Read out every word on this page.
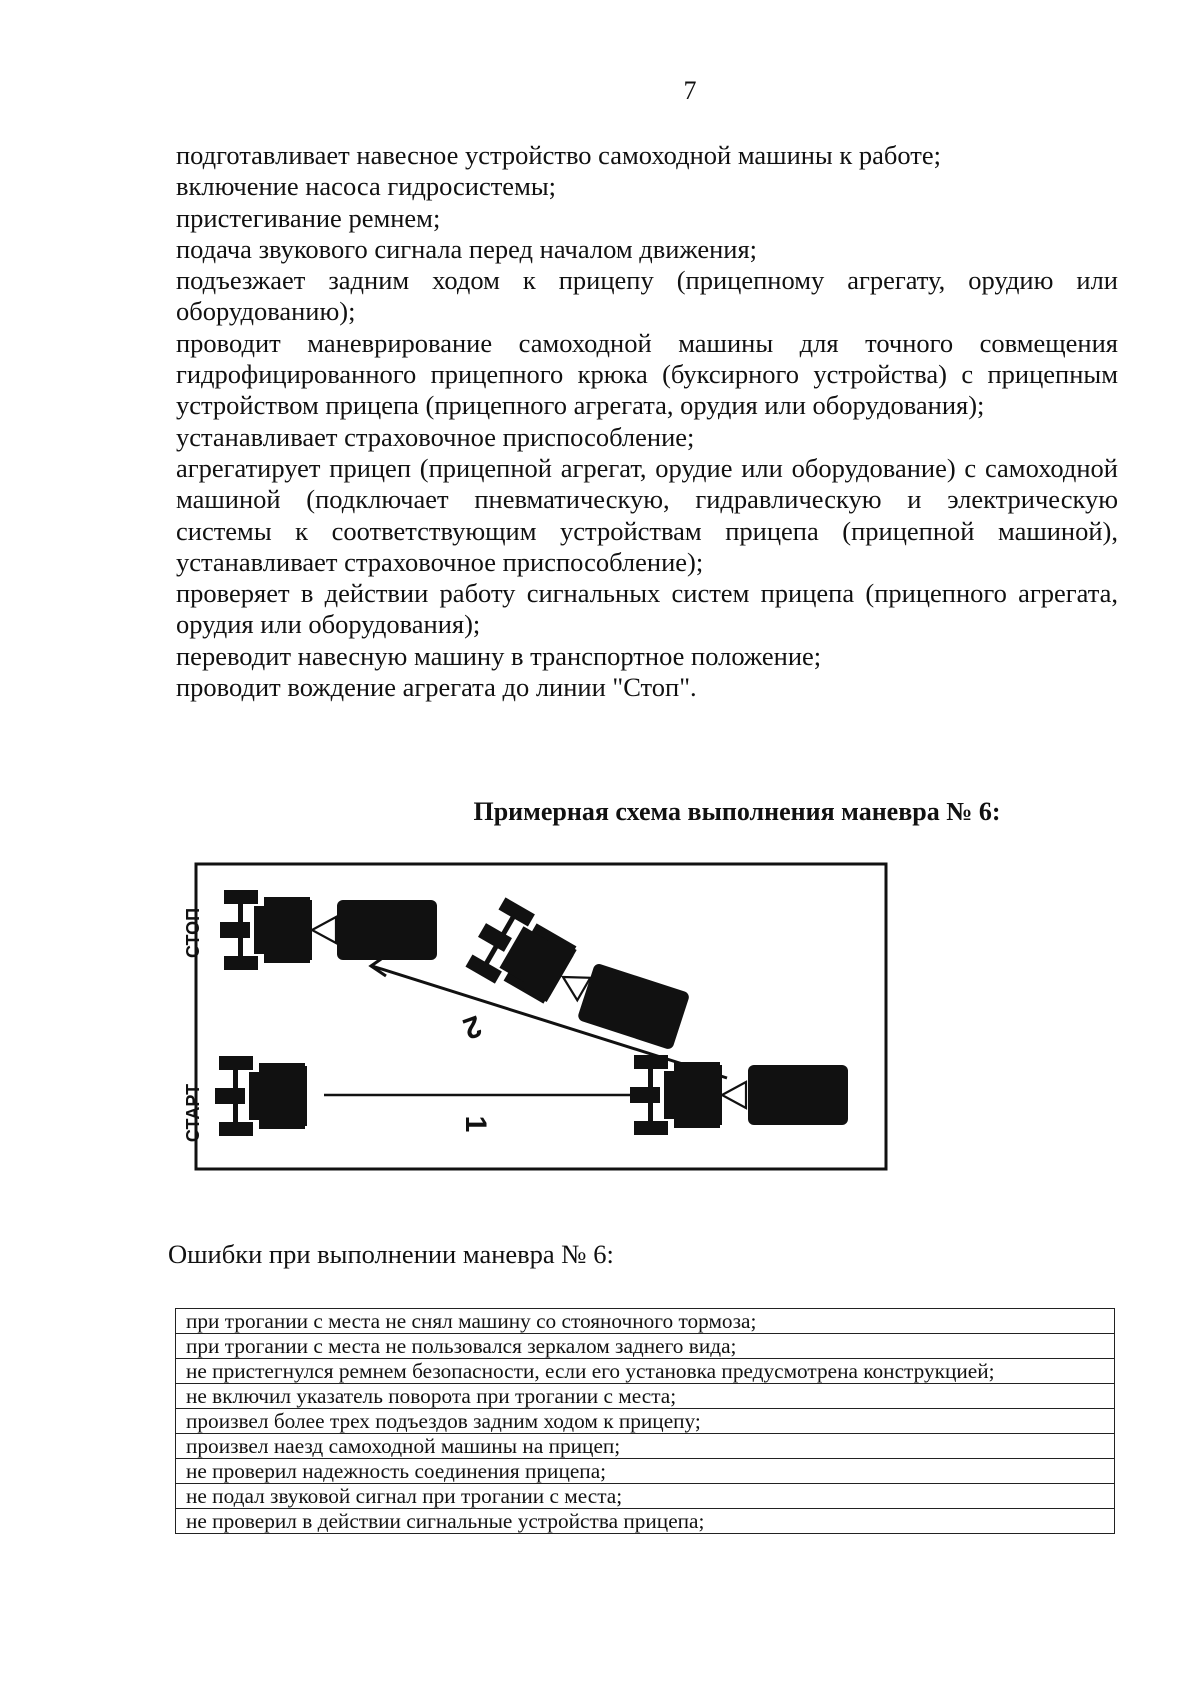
7

подготавливает навесное устройство самоходной машины к работе;

включение насоса гидросистемы;

пристегивание ремнем;

подача звукового сигнала перед началом движения;

подъезжает задним ходом к прицепу (прицепному агрегату, орудию или оборудованию);

проводит маневрирование самоходной машины для точного совмещения гидрофицированного прицепного крюка (буксирного устройства) с прицепным устройством прицепа (прицепного агрегата, орудия или оборудования);

устанавливает страховочное приспособление;

агрегатирует прицеп (прицепной агрегат, орудие или оборудование) с самоходной машиной (подключает пневматическую, гидравлическую и электрическую системы к соответствующим устройствам прицепа (прицепной машиной), устанавливает страховочное приспособление);

проверяет в действии работу сигнальных систем прицепа (прицепного агрегата, орудия или оборудования);

переводит навесную машину в транспортное положение;

проводит вождение агрегата до линии "Стоп".

Примерная схема выполнения маневра № 6:
СТОП
СТАРТ	1
2
Ошибки при выполнении маневра № 6:
при трогании с места не снял машину со стояночного тормоза;
при трогании с места не пользовался зеркалом заднего вида;
не пристегнулся ремнем безопасности, если его установка предусмотрена конструкцией;
не включил указатель поворота при трогании с места;
произвел более трех подъездов задним ходом к прицепу;
произвел наезд самоходной машины на прицеп;
не проверил надежность соединения прицепа;
не подал звуковой сигнал при трогании с места;
не проверил в действии сигнальные устройства прицепа;
